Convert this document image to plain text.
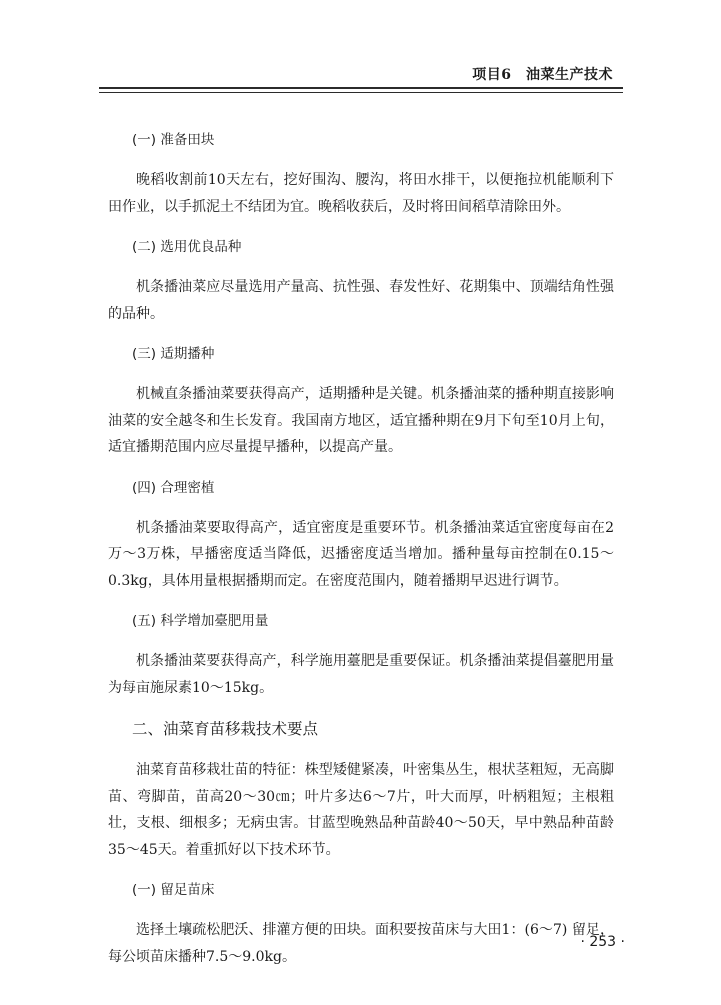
项目6　油菜生产技术

(一) 准备田块

晚稻收割前10天左右，挖好围沟、腰沟，将田水排干，以便拖拉机能顺利下田作业，以手抓泥土不结团为宜。晚稻收获后，及时将田间稻草清除田外。

(二) 选用优良品种

机条播油菜应尽量选用产量高、抗性强、春发性好、花期集中、顶端结角性强的品种。

(三) 适期播种

机械直条播油菜要获得高产，适期播种是关键。机条播油菜的播种期直接影响油菜的安全越冬和生长发育。我国南方地区，适宜播种期在9月下旬至10月上旬，适宜播期范围内应尽量提早播种，以提高产量。

(四) 合理密植

机条播油菜要取得高产，适宜密度是重要环节。机条播油菜适宜密度每亩在2万～3万株，早播密度适当降低，迟播密度适当增加。播种量每亩控制在0.15～0.3kg，具体用量根据播期而定。在密度范围内，随着播期早迟进行调节。

(五) 科学增加臺肥用量

机条播油菜要获得高产，科学施用薹肥是重要保证。机条播油菜提倡薹肥用量为每亩施尿素10～15kg。

二、油菜育苗移栽技术要点

油菜育苗移栽壮苗的特征：株型矮健紧凑，叶密集丛生，根状茎粗短，无高脚苗、弯脚苗，苗高20～30㎝；叶片多达6～7片，叶大而厚，叶柄粗短；主根粗壮，支根、细根多；无病虫害。甘蓝型晚熟品种苗龄40～50天，早中熟品种苗龄35～45天。着重抓好以下技术环节。

(一) 留足苗床

选择土壤疏松肥沃、排灌方便的田块。面积要按苗床与大田1：(6～7) 留足，每公顷苗床播种7.5～9.0kg。

· 253 ·
